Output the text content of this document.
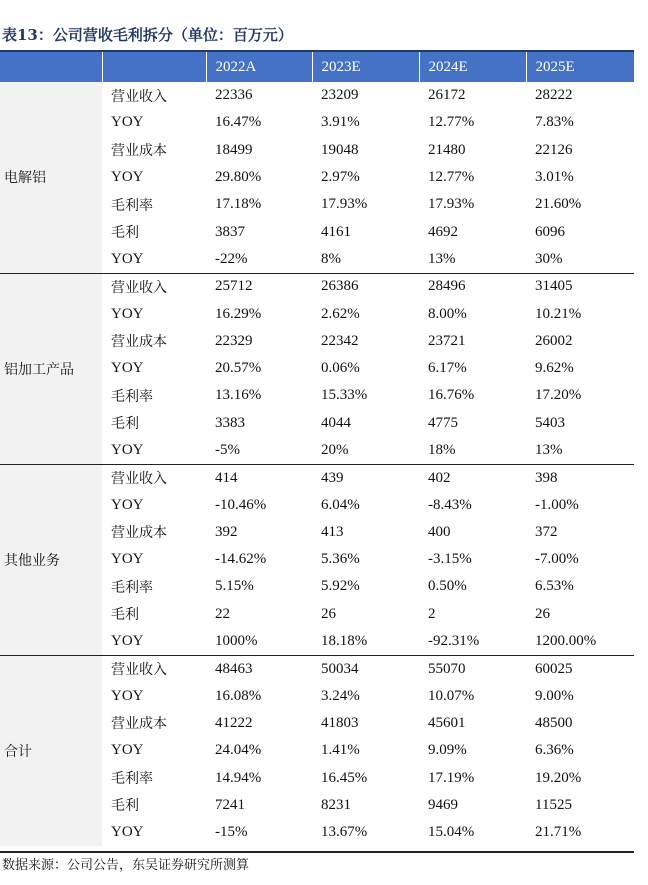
表13：公司营收毛利拆分（单位：百万元）
		2022A	2023E	2024E	2025E
电解铝	营业收入	22336	23209	26172	28222
	YOY	16.47%	3.91%	12.77%	7.83%
	营业成本	18499	19048	21480	22126
	YOY	29.80%	2.97%	12.77%	3.01%
	毛利率	17.18%	17.93%	17.93%	21.60%
	毛利	3837	4161	4692	6096
	YOY	-22%	8%	13%	30%
铝加工产品	营业收入	25712	26386	28496	31405
	YOY	16.29%	2.62%	8.00%	10.21%
	营业成本	22329	22342	23721	26002
	YOY	20.57%	0.06%	6.17%	9.62%
	毛利率	13.16%	15.33%	16.76%	17.20%
	毛利	3383	4044	4775	5403
	YOY	-5%	20%	18%	13%
其他业务	营业收入	414	439	402	398
	YOY	-10.46%	6.04%	-8.43%	-1.00%
	营业成本	392	413	400	372
	YOY	-14.62%	5.36%	-3.15%	-7.00%
	毛利率	5.15%	5.92%	0.50%	6.53%
	毛利	22	26	2	26
	YOY	1000%	18.18%	-92.31%	1200.00%
合计	营业收入	48463	50034	55070	60025
	YOY	16.08%	3.24%	10.07%	9.00%
	营业成本	41222	41803	45601	48500
	YOY	24.04%	1.41%	9.09%	6.36%
	毛利率	14.94%	16.45%	17.19%	19.20%
	毛利	7241	8231	9469	11525
	YOY	-15%	13.67%	15.04%	21.71%
数据来源：公司公告，东吴证券研究所测算
